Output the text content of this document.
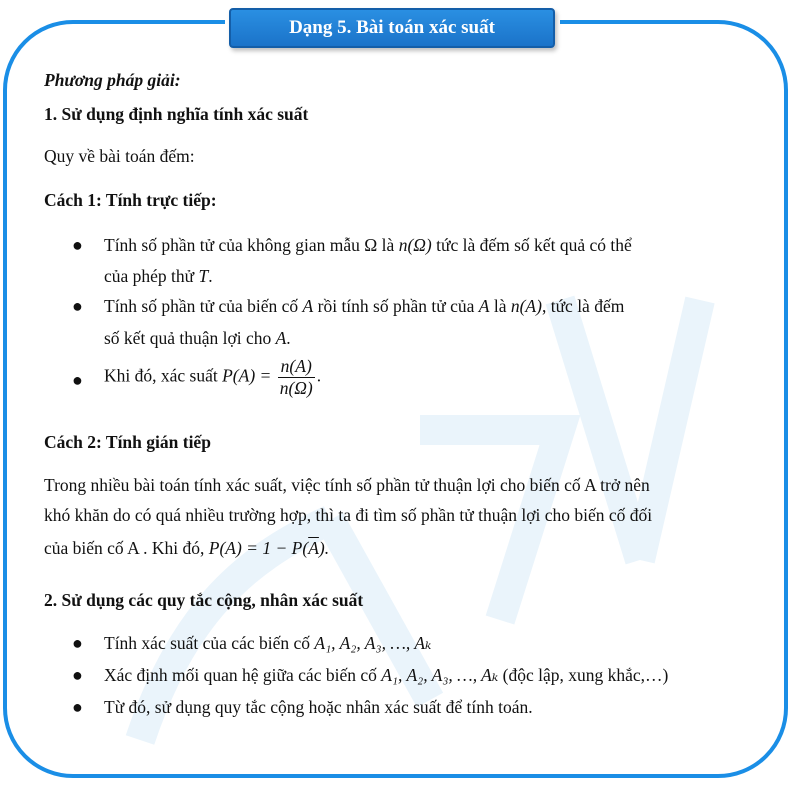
Dạng 5. Bài toán xác suất
Phương pháp giải:
1. Sử dụng định nghĩa tính xác suất
Quy về bài toán đếm:
Cách 1: Tính trực tiếp:
● Tính số phần tử của không gian mẫu Ω là n(Ω) tức là đếm số kết quả có thể
của phép thử T.
● Tính số phần tử của biến cố A rồi tính số phần tử của A là n(A), tức là đếm
số kết quả thuận lợi cho A.
● Khi đó, xác suất $P(A) = \frac{n(A)}{n(\Omega)}$ .
Cách 2: Tính gián tiếp
Trong nhiều bài toán tính xác suất, việc tính số phần tử thuận lợi cho biến cố A trở nên
khó khăn do có quá nhiều trường hợp, thì ta đi tìm số phần tử thuận lợi cho biến cố đối
của biến cố A . Khi đó, $P(A) = 1 - P(\overline{A})$.
2. Sử dụng các quy tắc cộng, nhân xác suất
● Tính xác suất của các biến cố A₁, A₂, A₃, …, Aₖ
● Xác định mối quan hệ giữa các biến cố A₁, A₂, A₃, …, Aₖ (độc lập, xung khắc,…)
● Từ đó, sử dụng quy tắc cộng hoặc nhân xác suất để tính toán.
